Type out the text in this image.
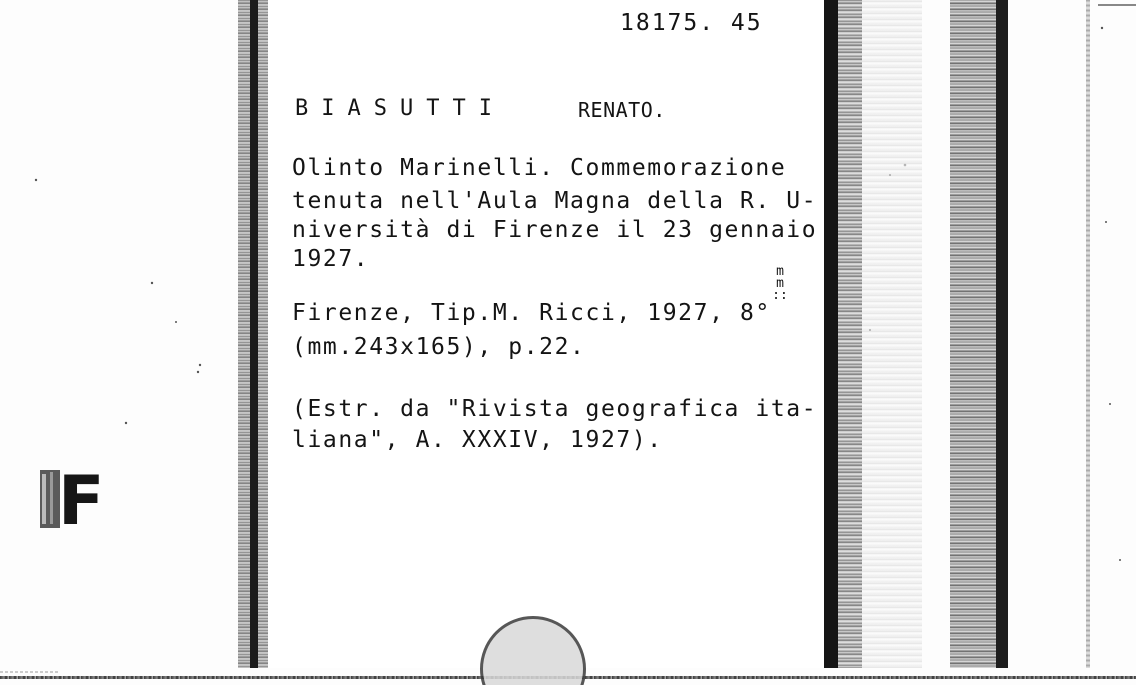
18175. 45
BIASUTTI	RENATO.
Olinto Marinelli. Commemorazione
tenuta nell'Aula Magna della R. U-
niversità di Firenze il 23 gennaio
1927.
Firenze, Tip.M. Ricci, 1927, 8°
(mm.243x165), p.22.
(Estr. da "Rivista geografica ita-
liana", A. XXXIV, 1927).
m
m
::
F
